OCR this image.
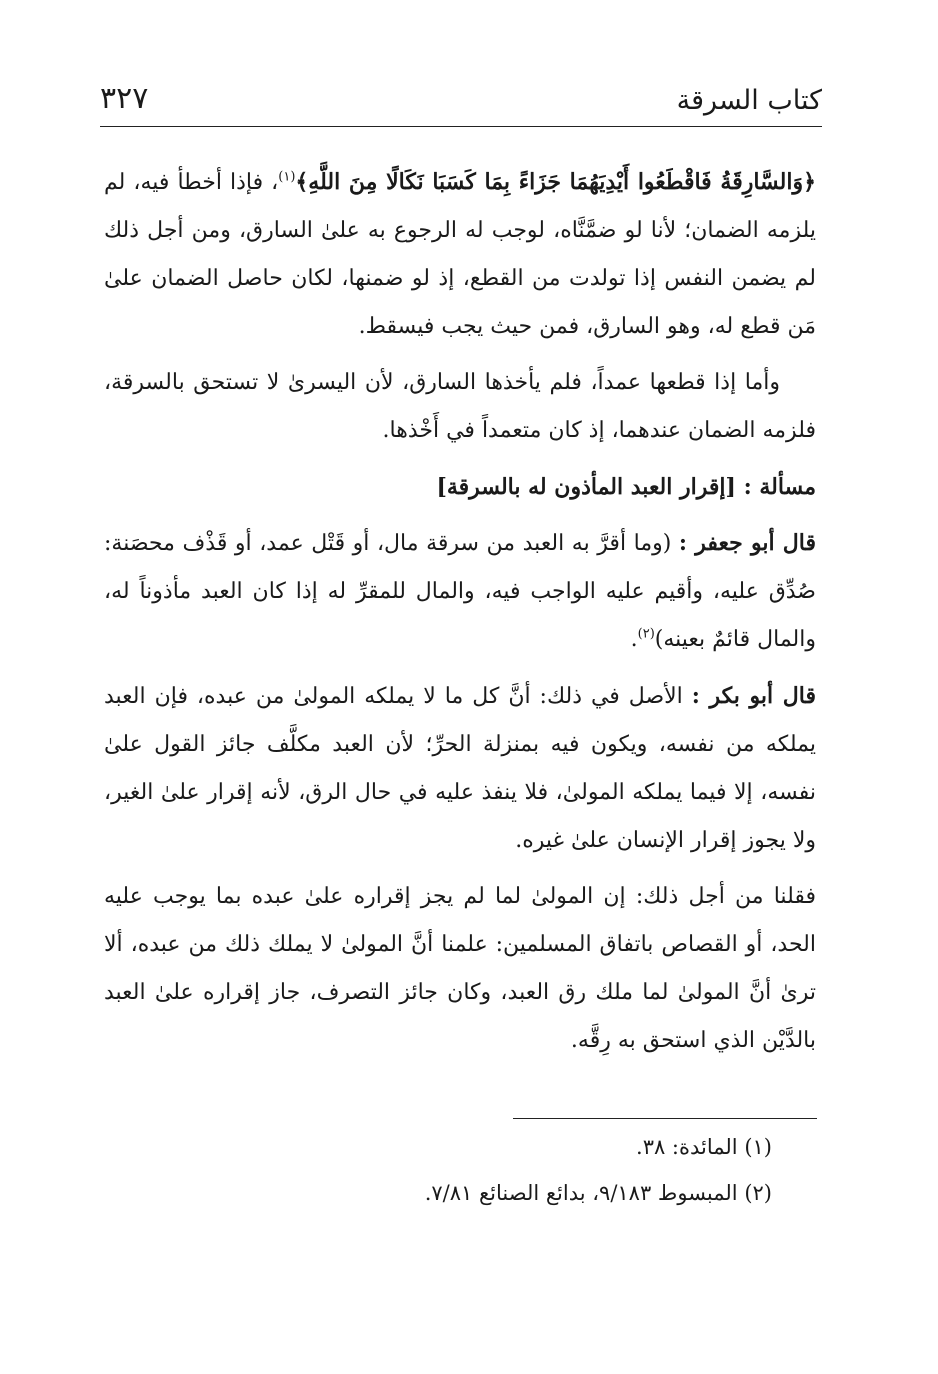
كتاب السرقة
٣٢٧

﴿وَالسَّارِقَةُ فَاقْطَعُوا أَيْدِيَهُمَا جَزَاءً بِمَا كَسَبَا نَكَالًا مِنَ اللَّهِ﴾$^{(١)}$، فإذا أخطأ فيه، لم يلزمه الضمان؛ لأنا لو ضمَّنَّاه، لوجب له الرجوع به علىٰ السارق، ومن أجل ذلك لم يضمن النفس إذا تولدت من القطع، إذ لو ضمنها، لكان حاصل الضمان علىٰ مَن قطع له، وهو السارق، فمن حيث يجب فيسقط.

وأما إذا قطعها عمداً، فلم يأخذها السارق، لأن اليسرىٰ لا تستحق بالسرقة، فلزمه الضمان عندهما، إذ كان متعمداً في أَخْذها.

مسألة : [إقرار العبد المأذون له بالسرقة]

قال أبو جعفر : (وما أقرَّ به العبد من سرقة مال، أو قَتْل عمد، أو قَذْف محصَنة: صُدِّق عليه، وأقيم عليه الواجب فيه، والمال للمقرِّ له إذا كان العبد مأذوناً له، والمال قائمٌ بعينه)$^{(٢)}$.

قال أبو بكر : الأصل في ذلك: أنَّ كل ما لا يملكه المولىٰ من عبده، فإن العبد يملكه من نفسه، ويكون فيه بمنزلة الحرِّ؛ لأن العبد مكلَّف جائز القول علىٰ نفسه، إلا فيما يملكه المولىٰ، فلا ينفذ عليه في حال الرق، لأنه إقرار علىٰ الغير، ولا يجوز إقرار الإنسان علىٰ غيره.

فقلنا من أجل ذلك: إن المولىٰ لما لم يجز إقراره علىٰ عبده بما يوجب عليه الحد، أو القصاص باتفاق المسلمين: علمنا أنَّ المولىٰ لا يملك ذلك من عبده، ألا ترىٰ أنَّ المولىٰ لما ملك رق العبد، وكان جائز التصرف، جاز إقراره علىٰ العبد بالدَّيْن الذي استحق به رِقَّه.

(١) المائدة: ٣٨.

(٢) المبسوط ٩/١٨٣، بدائع الصنائع ٧/٨١.
